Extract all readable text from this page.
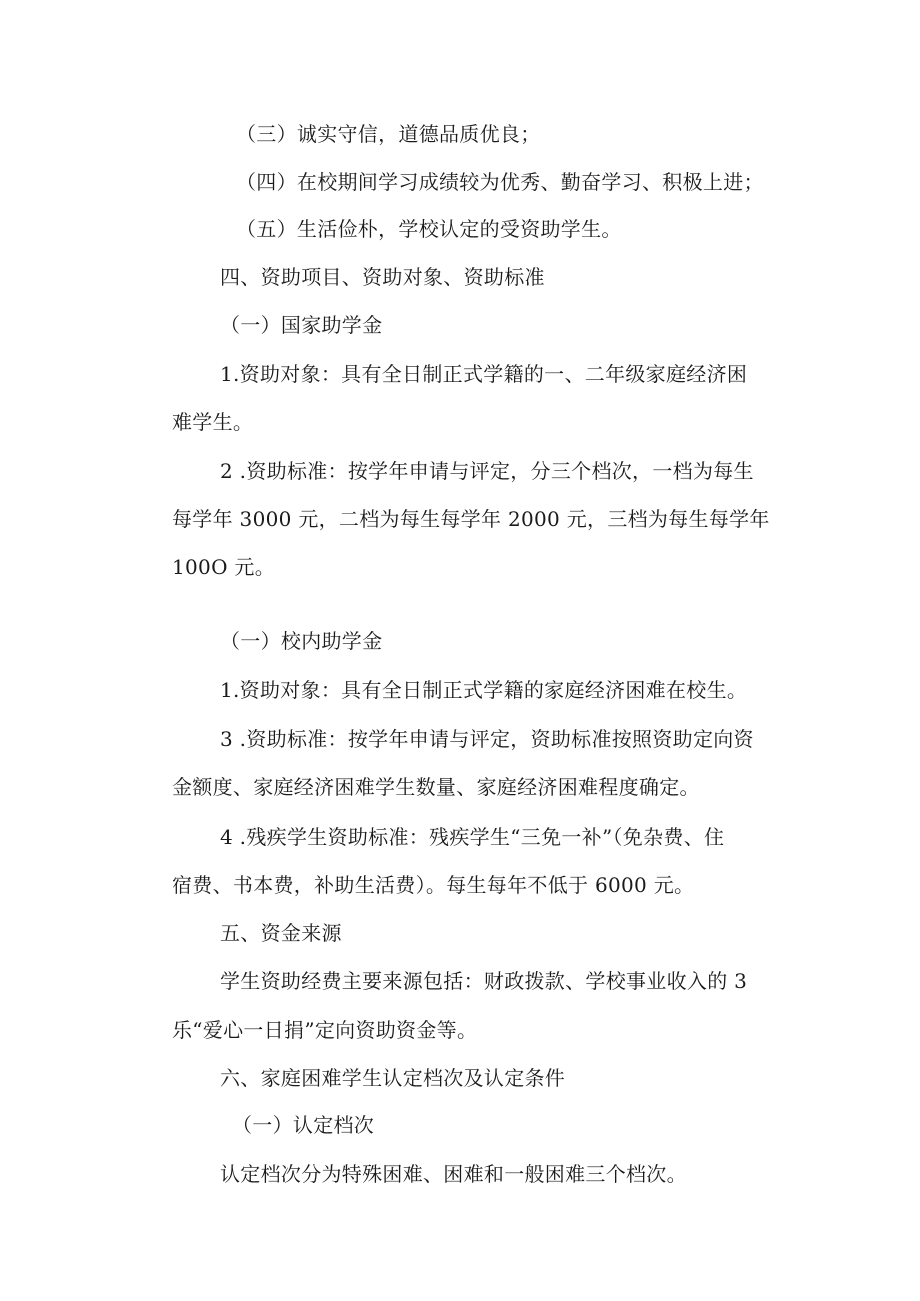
（三）诚实守信，道德品质优良；
（四）在校期间学习成绩较为优秀、勤奋学习、积极上进；
（五）生活俭朴，学校认定的受资助学生。
四、资助项目、资助对象、资助标准
（一）国家助学金
1.资助对象：具有全日制正式学籍的一、二年级家庭经济困
难学生。
2 .资助标准：按学年申请与评定，分三个档次，一档为每生
每学年 3000 元，二档为每生每学年 2000 元，三档为每生每学年
100O 元。
（一）校内助学金
1.资助对象：具有全日制正式学籍的家庭经济困难在校生。
3 .资助标准：按学年申请与评定，资助标准按照资助定向资
金额度、家庭经济困难学生数量、家庭经济困难程度确定。
4 .残疾学生资助标准：残疾学生“三免一补”（免杂费、住
宿费、书本费，补助生活费）。每生每年不低于 6000 元。
五、资金来源
学生资助经费主要来源包括：财政拨款、学校事业收入的 3
乐“爱心一日捐”定向资助资金等。
六、家庭困难学生认定档次及认定条件
（一）认定档次
认定档次分为特殊困难、困难和一般困难三个档次。
